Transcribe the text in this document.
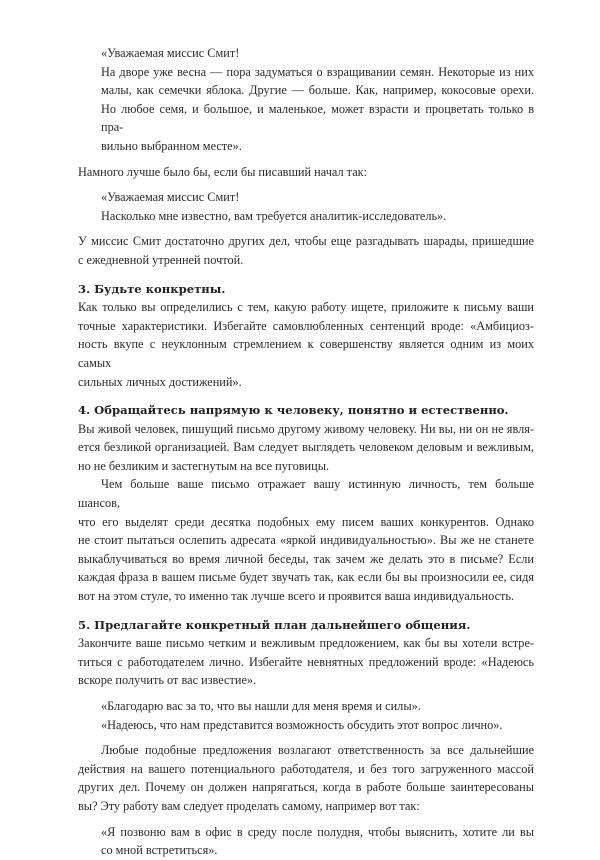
«Уважаемая миссис Смит!
На дворе уже весна — пора задуматься о взращивании семян. Некоторые из них
малы, как семечки яблока. Другие — больше. Как, например, кокосовые орехи.
Но любое семя, и большое, и маленькое, может взрасти и процветать только в пра-
вильно выбранном месте».
Намного лучше было бы, если бы писавший начал так:
«Уважаемая миссис Смит!
Насколько мне известно, вам требуется аналитик-исследователь».
У миссис Смит достаточно других дел, чтобы еще разгадывать шарады, пришедшие
с ежедневной утренней почтой.
3. Будьте конкретны.
Как только вы определились с тем, какую работу ищете, приложите к письму ваши
точные характеристики. Избегайте самовлюбленных сентенций вроде: «Амбициоз-
ность вкупе с неуклонным стремлением к совершенству является одним из моих самых
сильных личных достижений».
4. Обращайтесь напрямую к человеку, понятно и естественно.
Вы живой человек, пишущий письмо другому живому человеку. Ни вы, ни он не явля-
ется безликой организацией. Вам следует выглядеть человеком деловым и вежливым,
но не безликим и застегнутым на все пуговицы.
Чем больше ваше письмо отражает вашу истинную личность, тем больше шансов,
что его выделят среди десятка подобных ему писем ваших конкурентов. Однако
не стоит пытаться ослепить адресата «яркой индивидуальностью». Вы же не станете
выкаблучиваться во время личной беседы, так зачем же делать это в письме? Если
каждая фраза в вашем письме будет звучать так, как если бы вы произносили ее, сидя
вот на этом стуле, то именно так лучше всего и проявится ваша индивидуальность.
5. Предлагайте конкретный план дальнейшего общения.
Закончите ваше письмо четким и вежливым предложением, как бы вы хотели встре-
титься с работодателем лично. Избегайте невнятных предложений вроде: «Надеюсь
вскоре получить от вас известие».
«Благодарю вас за то, что вы нашли для меня время и силы».
«Надеюсь, что нам представится возможность обсудить этот вопрос лично».
Любые подобные предложения возлагают ответственность за все дальнейшие
действия на вашего потенциального работодателя, и без того загруженного массой
других дел. Почему он должен напрягаться, когда в работе больше заинтересованы
вы? Эту работу вам следует проделать самому, например вот так:
«Я позвоню вам в офис в среду после полудня, чтобы выяснить, хотите ли вы
со мной встретиться».
